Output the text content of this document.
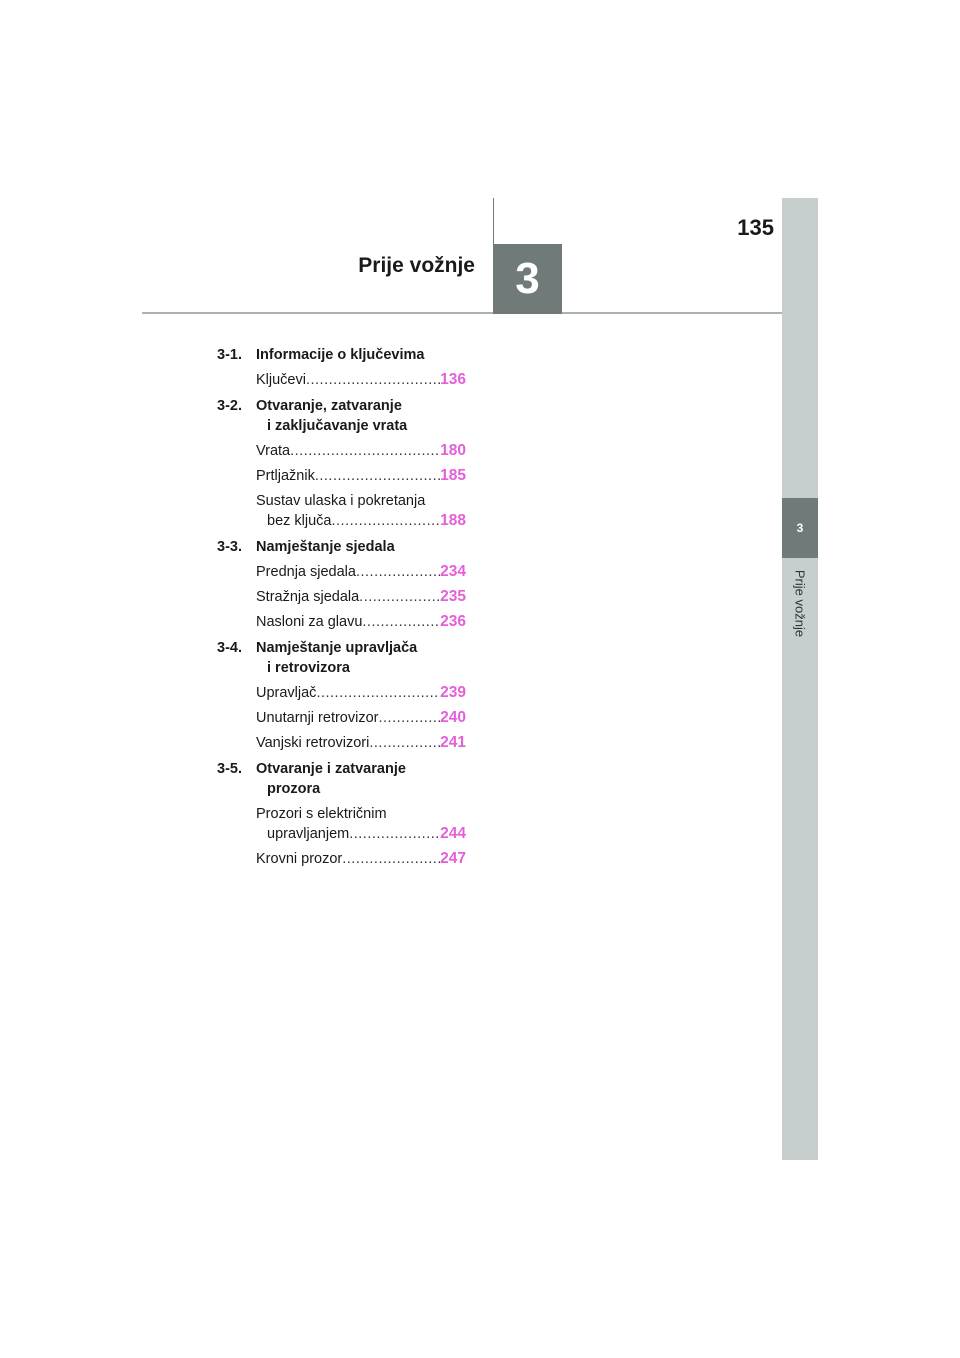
135
Prije vožnje 3
3
Prije vožnje
3-1. Informacije o ključevima
Ključevi .....	136
3-2. Otvaranje, zatvaranje
i zaključavanje vrata
Vrata .....	180
Prtljažnik .....	185
Sustav ulaska i pokretanja
bez ključa .....	188
3-3. Namještanje sjedala
Prednja sjedala .....	234
Stražnja sjedala .....	235
Nasloni za glavu .....	236
3-4. Namještanje upravljača
i retrovizora
Upravljač .....	239
Unutarnji retrovizor .....	240
Vanjski retrovizori .....	241
3-5. Otvaranje i zatvaranje
prozora
Prozori s električnim
upravljanjem .....	244
Krovni prozor .....	247
